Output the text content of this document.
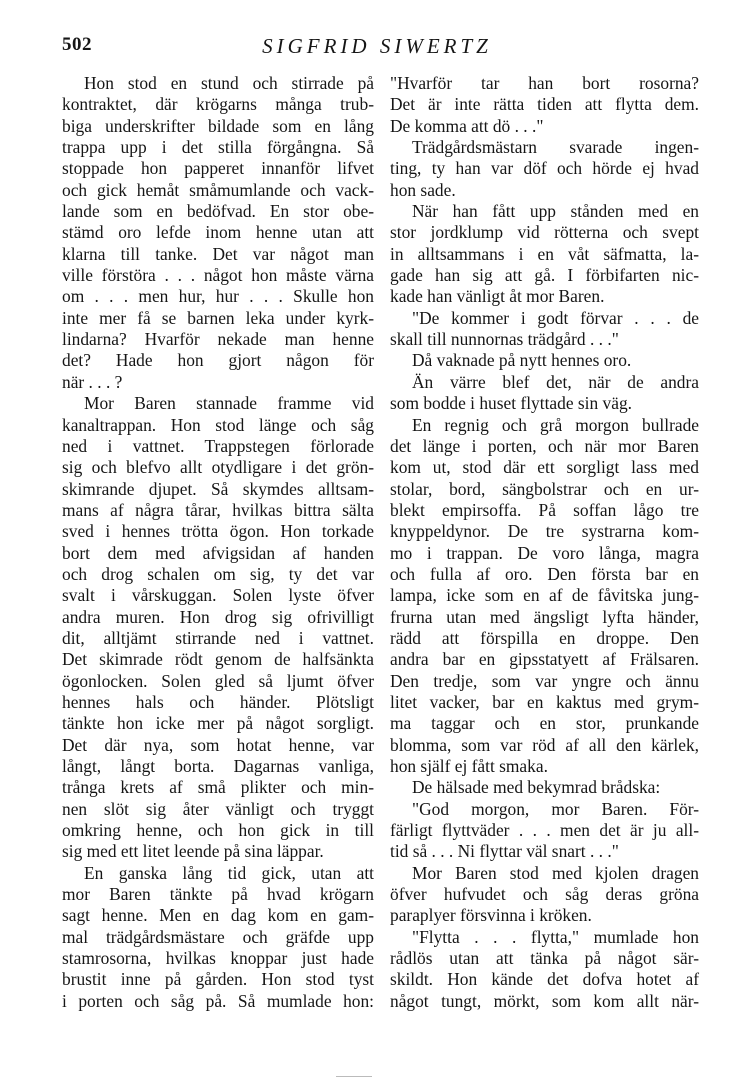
502	SIGFRID SIWERTZ
Hon stod en stund och stirrade på
kontraktet, där krögarns många trub-
biga underskrifter bildade som en lång
trappa upp i det stilla förgångna. Så
stoppade hon papperet innanför lifvet
och gick hemåt småmumlande och vack-
lande som en bedöfvad. En stor obe-
stämd oro lefde inom henne utan att
klarna till tanke. Det var något man
ville förstöra . . . något hon måste värna
om . . . men hur, hur . . . Skulle hon
inte mer få se barnen leka under kyrk-
lindarna? Hvarför nekade man henne
det? Hade hon gjort någon för
när . . . ?
Mor Baren stannade framme vid
kanaltrappan. Hon stod länge och såg
ned i vattnet. Trappstegen förlorade
sig och blefvo allt otydligare i det grön-
skimrande djupet. Så skymdes alltsam-
mans af några tårar, hvilkas bittra sälta
sved i hennes trötta ögon. Hon torkade
bort dem med afvigsidan af handen
och drog schalen om sig, ty det var
svalt i vårskuggan. Solen lyste öfver
andra muren. Hon drog sig ofrivilligt
dit, alltjämt stirrande ned i vattnet.
Det skimrade rödt genom de halfsänkta
ögonlocken. Solen gled så ljumt öfver
hennes hals och händer. Plötsligt
tänkte hon icke mer på något sorgligt.
Det där nya, som hotat henne, var
långt, långt borta. Dagarnas vanliga,
trånga krets af små plikter och min-
nen slöt sig åter vänligt och tryggt
omkring henne, och hon gick in till
sig med ett litet leende på sina läppar.
En ganska lång tid gick, utan att
mor Baren tänkte på hvad krögarn
sagt henne. Men en dag kom en gam-
mal trädgårdsmästare och gräfde upp
stamrosorna, hvilkas knoppar just hade
brustit inne på gården. Hon stod tyst
i porten och såg på. Så mumlade hon:
"Hvarför tar han bort rosorna?
Det är inte rätta tiden att flytta dem.
De komma att dö . . ."
Trädgårdsmästarn svarade ingen-
ting, ty han var döf och hörde ej hvad
hon sade.
När han fått upp stånden med en
stor jordklump vid rötterna och svept
in alltsammans i en våt säfmatta, la-
gade han sig att gå. I förbifarten nic-
kade han vänligt åt mor Baren.
"De kommer i godt förvar . . . de
skall till nunnornas trädgård . . ."
Då vaknade på nytt hennes oro.
Än värre blef det, när de andra
som bodde i huset flyttade sin väg.
En regnig och grå morgon bullrade
det länge i porten, och när mor Baren
kom ut, stod där ett sorgligt lass med
stolar, bord, sängbolstrar och en ur-
blekt empirsoffa. På soffan lågo tre
knyppeldynor. De tre systrarna kom-
mo i trappan. De voro långa, magra
och fulla af oro. Den första bar en
lampa, icke som en af de fåvitska jung-
frurna utan med ängsligt lyfta händer,
rädd att förspilla en droppe. Den
andra bar en gipsstatyett af Frälsaren.
Den tredje, som var yngre och ännu
litet vacker, bar en kaktus med grym-
ma taggar och en stor, prunkande
blomma, som var röd af all den kärlek,
hon själf ej fått smaka.
De hälsade med bekymrad brådska:
"God morgon, mor Baren. För-
färligt flyttväder . . . men det är ju all-
tid så . . . Ni flyttar väl snart . . ."
Mor Baren stod med kjolen dragen
öfver hufvudet och såg deras gröna
paraplyer försvinna i kröken.
"Flytta . . . flytta," mumlade hon
rådlös utan att tänka på något sär-
skildt. Hon kände det dofva hotet af
något tungt, mörkt, som kom allt när-
